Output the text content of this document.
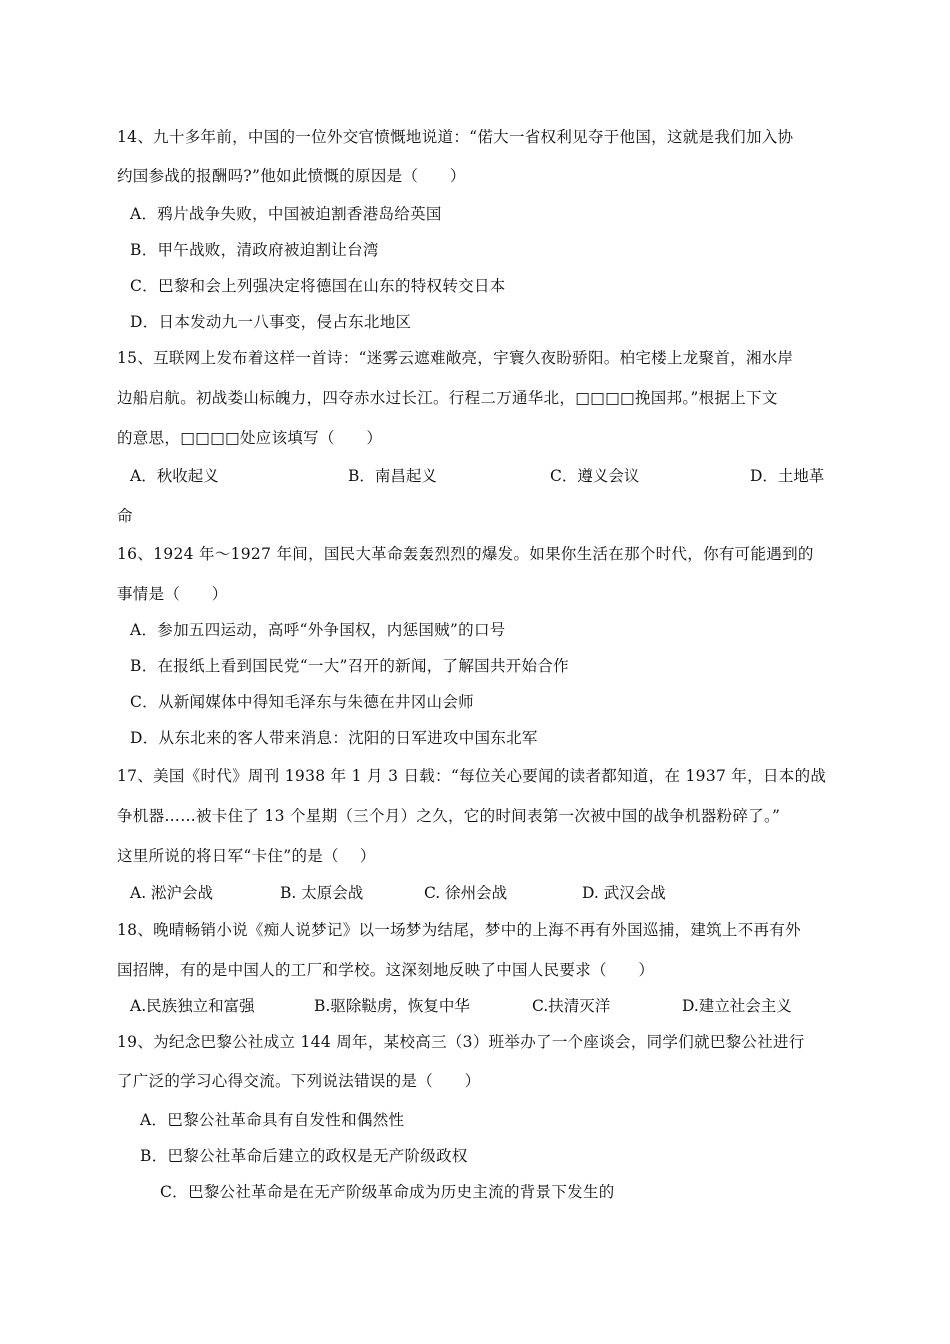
14、九十多年前，中国的一位外交官愤慨地说道：“偌大一省权利见夺于他国，这就是我们加入协
约国参战的报酬吗?”他如此愤慨的原因是（　　）
A．鸦片战争失败，中国被迫割香港岛给英国
B．甲午战败，清政府被迫割让台湾
C．巴黎和会上列强决定将德国在山东的特权转交日本
D．日本发动九一八事变，侵占东北地区
15、互联网上发布着这样一首诗：“迷雾云遮难敞亮，宇寰久夜盼骄阳。柏宅楼上龙聚首，湘水岸
边船启航。初战娄山标魄力，四夺赤水过长江。行程二万通华北，□□□□挽国邦。”根据上下文
的意思，□□□□处应该填写（　　）
A．秋收起义	B．南昌起义	C．遵义会议	D．土地革
命
16、1924 年～1927 年间，国民大革命轰轰烈烈的爆发。如果你生活在那个时代，你有可能遇到的
事情是（　　）
A．参加五四运动，高呼“外争国权，内惩国贼”的口号
B．在报纸上看到国民党“一大”召开的新闻，了解国共开始合作
C．从新闻媒体中得知毛泽东与朱德在井冈山会师
D．从东北来的客人带来消息：沈阳的日军进攻中国东北军
17、美国《时代》周刊 1938 年 1 月 3 日载：“每位关心要闻的读者都知道，在 1937 年，日本的战
争机器……被卡住了 13 个星期（三个月）之久，它的时间表第一次被中国的战争机器粉碎了。”
这里所说的将日军“卡住”的是（　 ）
A. 淞沪会战	B. 太原会战	C. 徐州会战	D. 武汉会战
18、晚晴畅销小说《痴人说梦记》以一场梦为结尾，梦中的上海不再有外国巡捕，建筑上不再有外
国招牌，有的是中国人的工厂和学校。这深刻地反映了中国人民要求（　　）
A.民族独立和富强	B.驱除鞑虏，恢复中华	C.扶清灭洋	D.建立社会主义
19、为纪念巴黎公社成立 144 周年，某校高三（3）班举办了一个座谈会，同学们就巴黎公社进行
了广泛的学习心得交流。下列说法错误的是（　　）
A．巴黎公社革命具有自发性和偶然性
B．巴黎公社革命后建立的政权是无产阶级政权
C．巴黎公社革命是在无产阶级革命成为历史主流的背景下发生的
